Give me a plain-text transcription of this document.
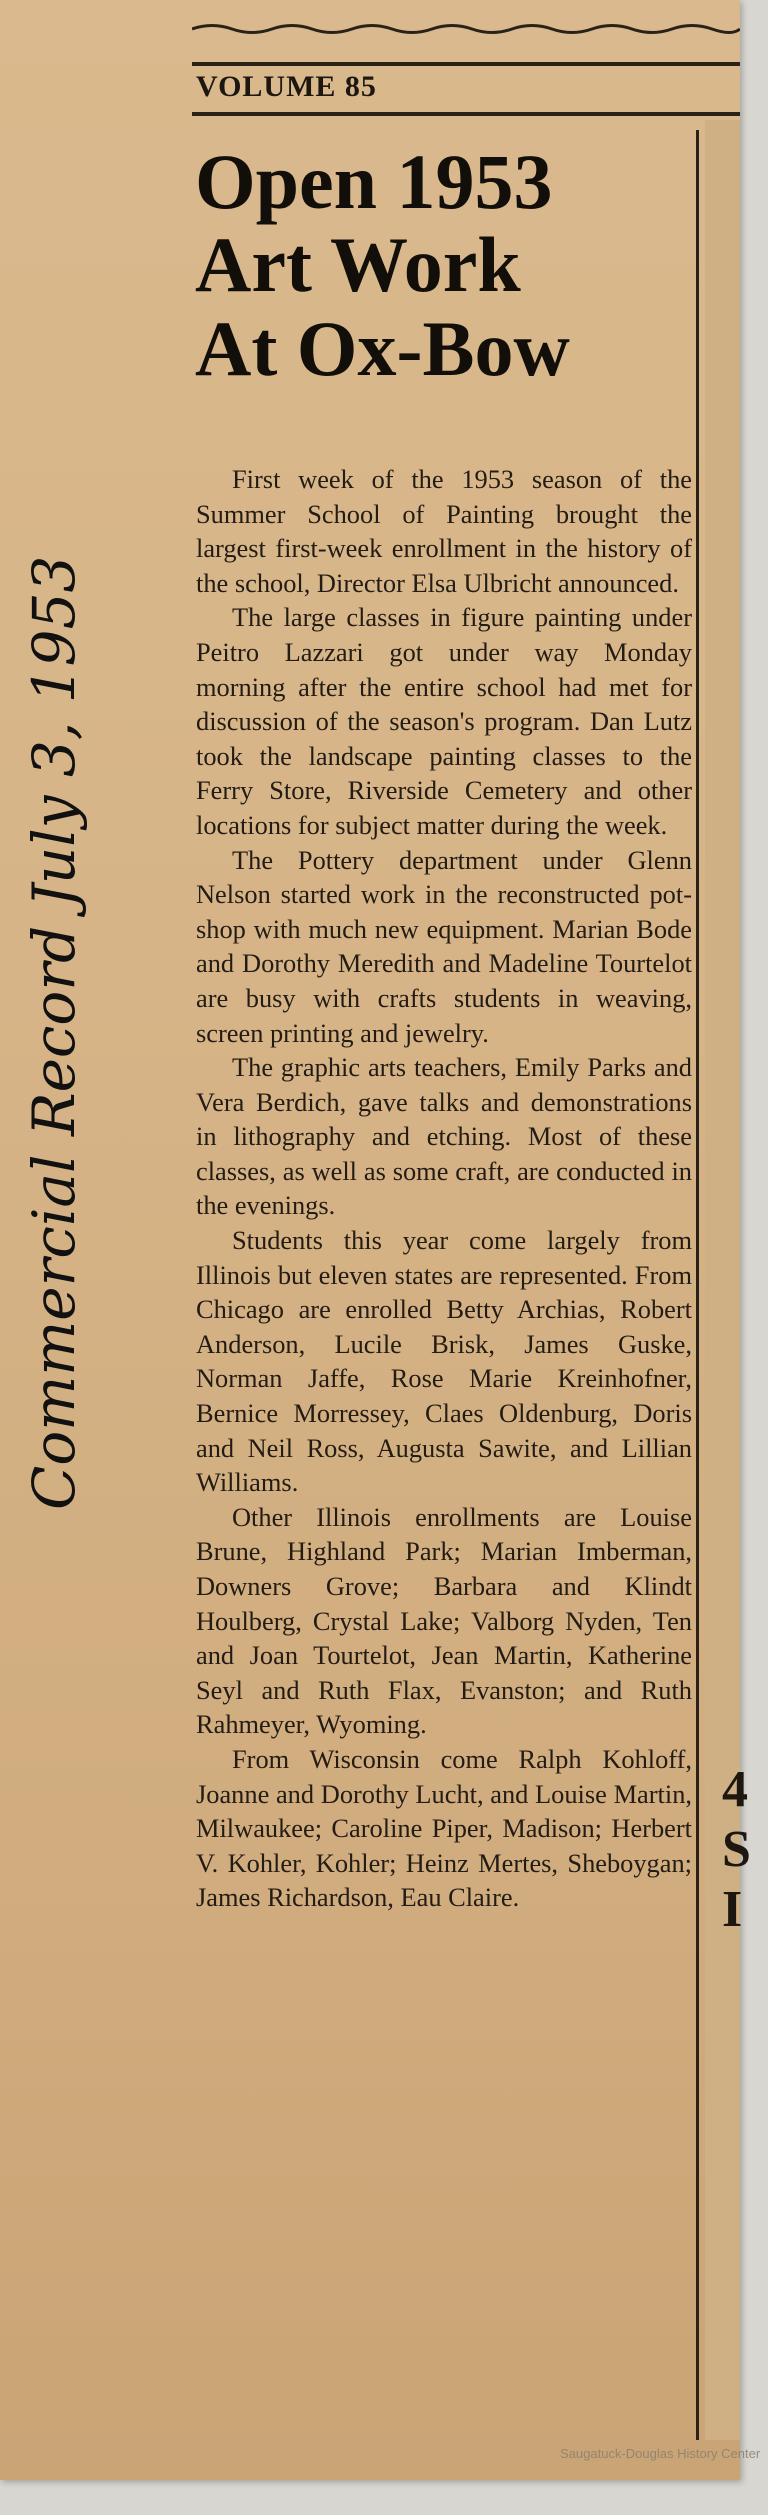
VOLUME 85
Open 1953
Art Work
At Ox-Bow

First week of the 1953 season of the Summer School of Painting brought the largest first-week enrollment in the history of the school, Director Elsa Ulbricht announced.

The large classes in figure painting under Peitro Lazzari got under way Monday morning after the entire school had met for discussion of the season's program. Dan Lutz took the landscape painting classes to the Ferry Store, Riverside Cemetery and other locations for subject matter during the week.

The Pottery department under Glenn Nelson started work in the reconstructed pot-shop with much new equipment. Marian Bode and Dorothy Meredith and Madeline Tourtelot are busy with crafts students in weaving, screen printing and jewelry.

The graphic arts teachers, Emily Parks and Vera Berdich, gave talks and demonstrations in lithography and etching. Most of these classes, as well as some craft, are conducted in the evenings.

Students this year come largely from Illinois but eleven states are represented. From Chicago are enrolled Betty Archias, Robert Anderson, Lucile Brisk, James Guske, Norman Jaffe, Rose Marie Kreinhofner, Bernice Morressey, Claes Oldenburg, Doris and Neil Ross, Augusta Sawite, and Lillian Williams.

Other Illinois enrollments are Louise Brune, Highland Park; Marian Imberman, Downers Grove; Barbara and Klindt Houlberg, Crystal Lake; Valborg Nyden, Ten and Joan Tourtelot, Jean Martin, Katherine Seyl and Ruth Flax, Evanston; and Ruth Rahmeyer, Wyoming.

From Wisconsin come Ralph Kohloff, Joanne and Dorothy Lucht, and Louise Martin, Milwaukee; Caroline Piper, Madison; Herbert V. Kohler, Kohler; Heinz Mertes, Sheboygan; James Richardson, Eau Claire.

Commercial Record July 3, 1953
4
S
I
Saugatuck-Douglas History Center
